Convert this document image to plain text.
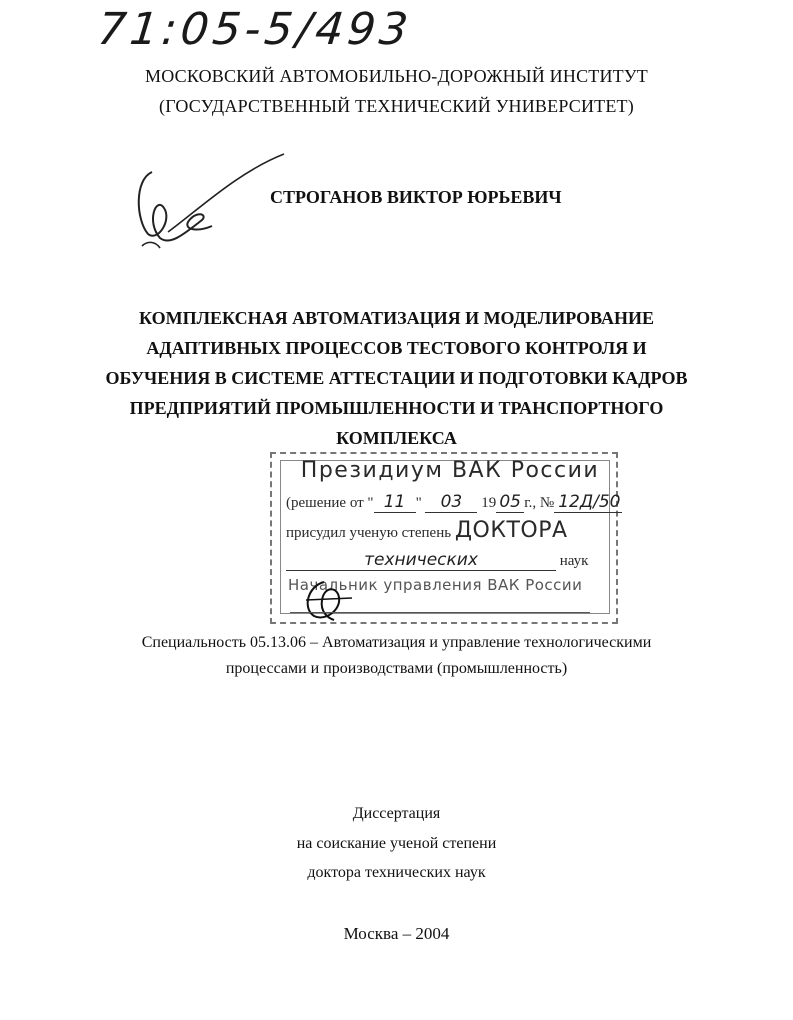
71:05-5/493
МОСКОВСКИЙ АВТОМОБИЛЬНО-ДОРОЖНЫЙ ИНСТИТУТ
(ГОСУДАРСТВЕННЫЙ ТЕХНИЧЕСКИЙ УНИВЕРСИТЕТ)
СТРОГАНОВ ВИКТОР ЮРЬЕВИЧ
КОМПЛЕКСНАЯ АВТОМАТИЗАЦИЯ И МОДЕЛИРОВАНИЕ
АДАПТИВНЫХ ПРОЦЕССОВ ТЕСТОВОГО КОНТРОЛЯ И
ОБУЧЕНИЯ В СИСТЕМЕ АТТЕСТАЦИИ И ПОДГОТОВКИ КАДРОВ
ПРЕДПРИЯТИЙ ПРОМЫШЛЕННОСТИ И ТРАНСПОРТНОГО
КОМПЛЕКСА
Президиум ВАК России
(решение от " 11 " 03 19 05 г., № 12Д/50
присудил ученую степень ДОКТОРА
технических	наук
Начальник управления ВАК России
Специальность 05.13.06 – Автоматизация и управление технологическими
процессами и производствами (промышленность)
Диссертация
на соискание ученой степени
доктора технических наук
Москва – 2004
